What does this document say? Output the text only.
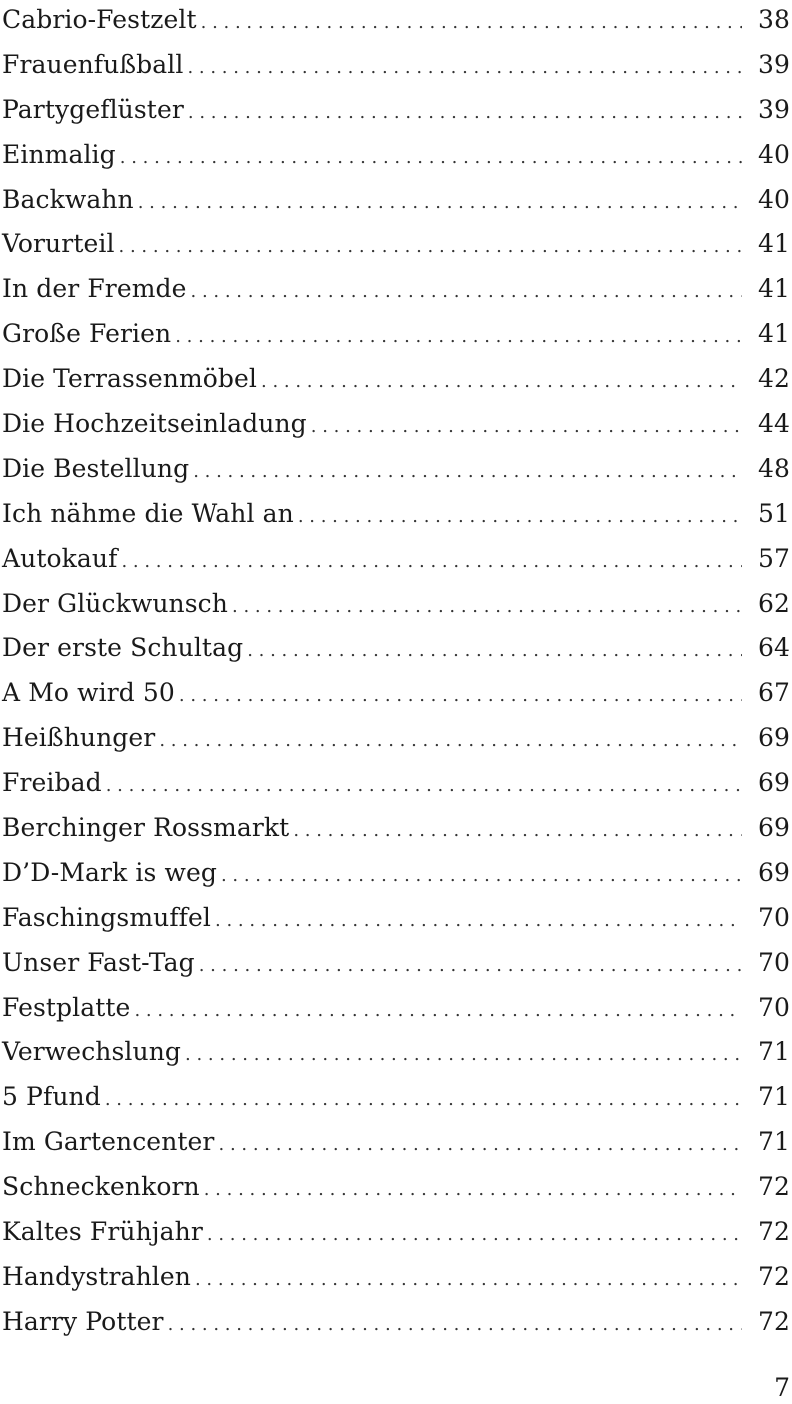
Cabrio-Festzelt . . .	38
Frauenfußball . . .	39
Partygeflüster . . .	39
Einmalig . . .	40
Backwahn . . .	40
Vorurteil . . .	41
In der Fremde . . .	41
Große Ferien . . .	41
Die Terrassenmöbel . . .	42
Die Hochzeitseinladung . . .	44
Die Bestellung . . .	48
Ich nähme die Wahl an . . .	51
Autokauf . . .	57
Der Glückwunsch . . .	62
Der erste Schultag . . .	64
A Mo wird 50 . . .	67
Heißhunger . . .	69
Freibad . . .	69
Berchinger Rossmarkt . . .	69
D’D-Mark is weg . . .	69
Faschingsmuffel . . .	70
Unser Fast-Tag . . .	70
Festplatte . . .	70
Verwechslung . . .	71
5 Pfund . . .	71
Im Gartencenter . . .	71
Schneckenkorn . . .	72
Kaltes Frühjahr . . .	72
Handystrahlen . . .	72
Harry Potter . . .	72
7
